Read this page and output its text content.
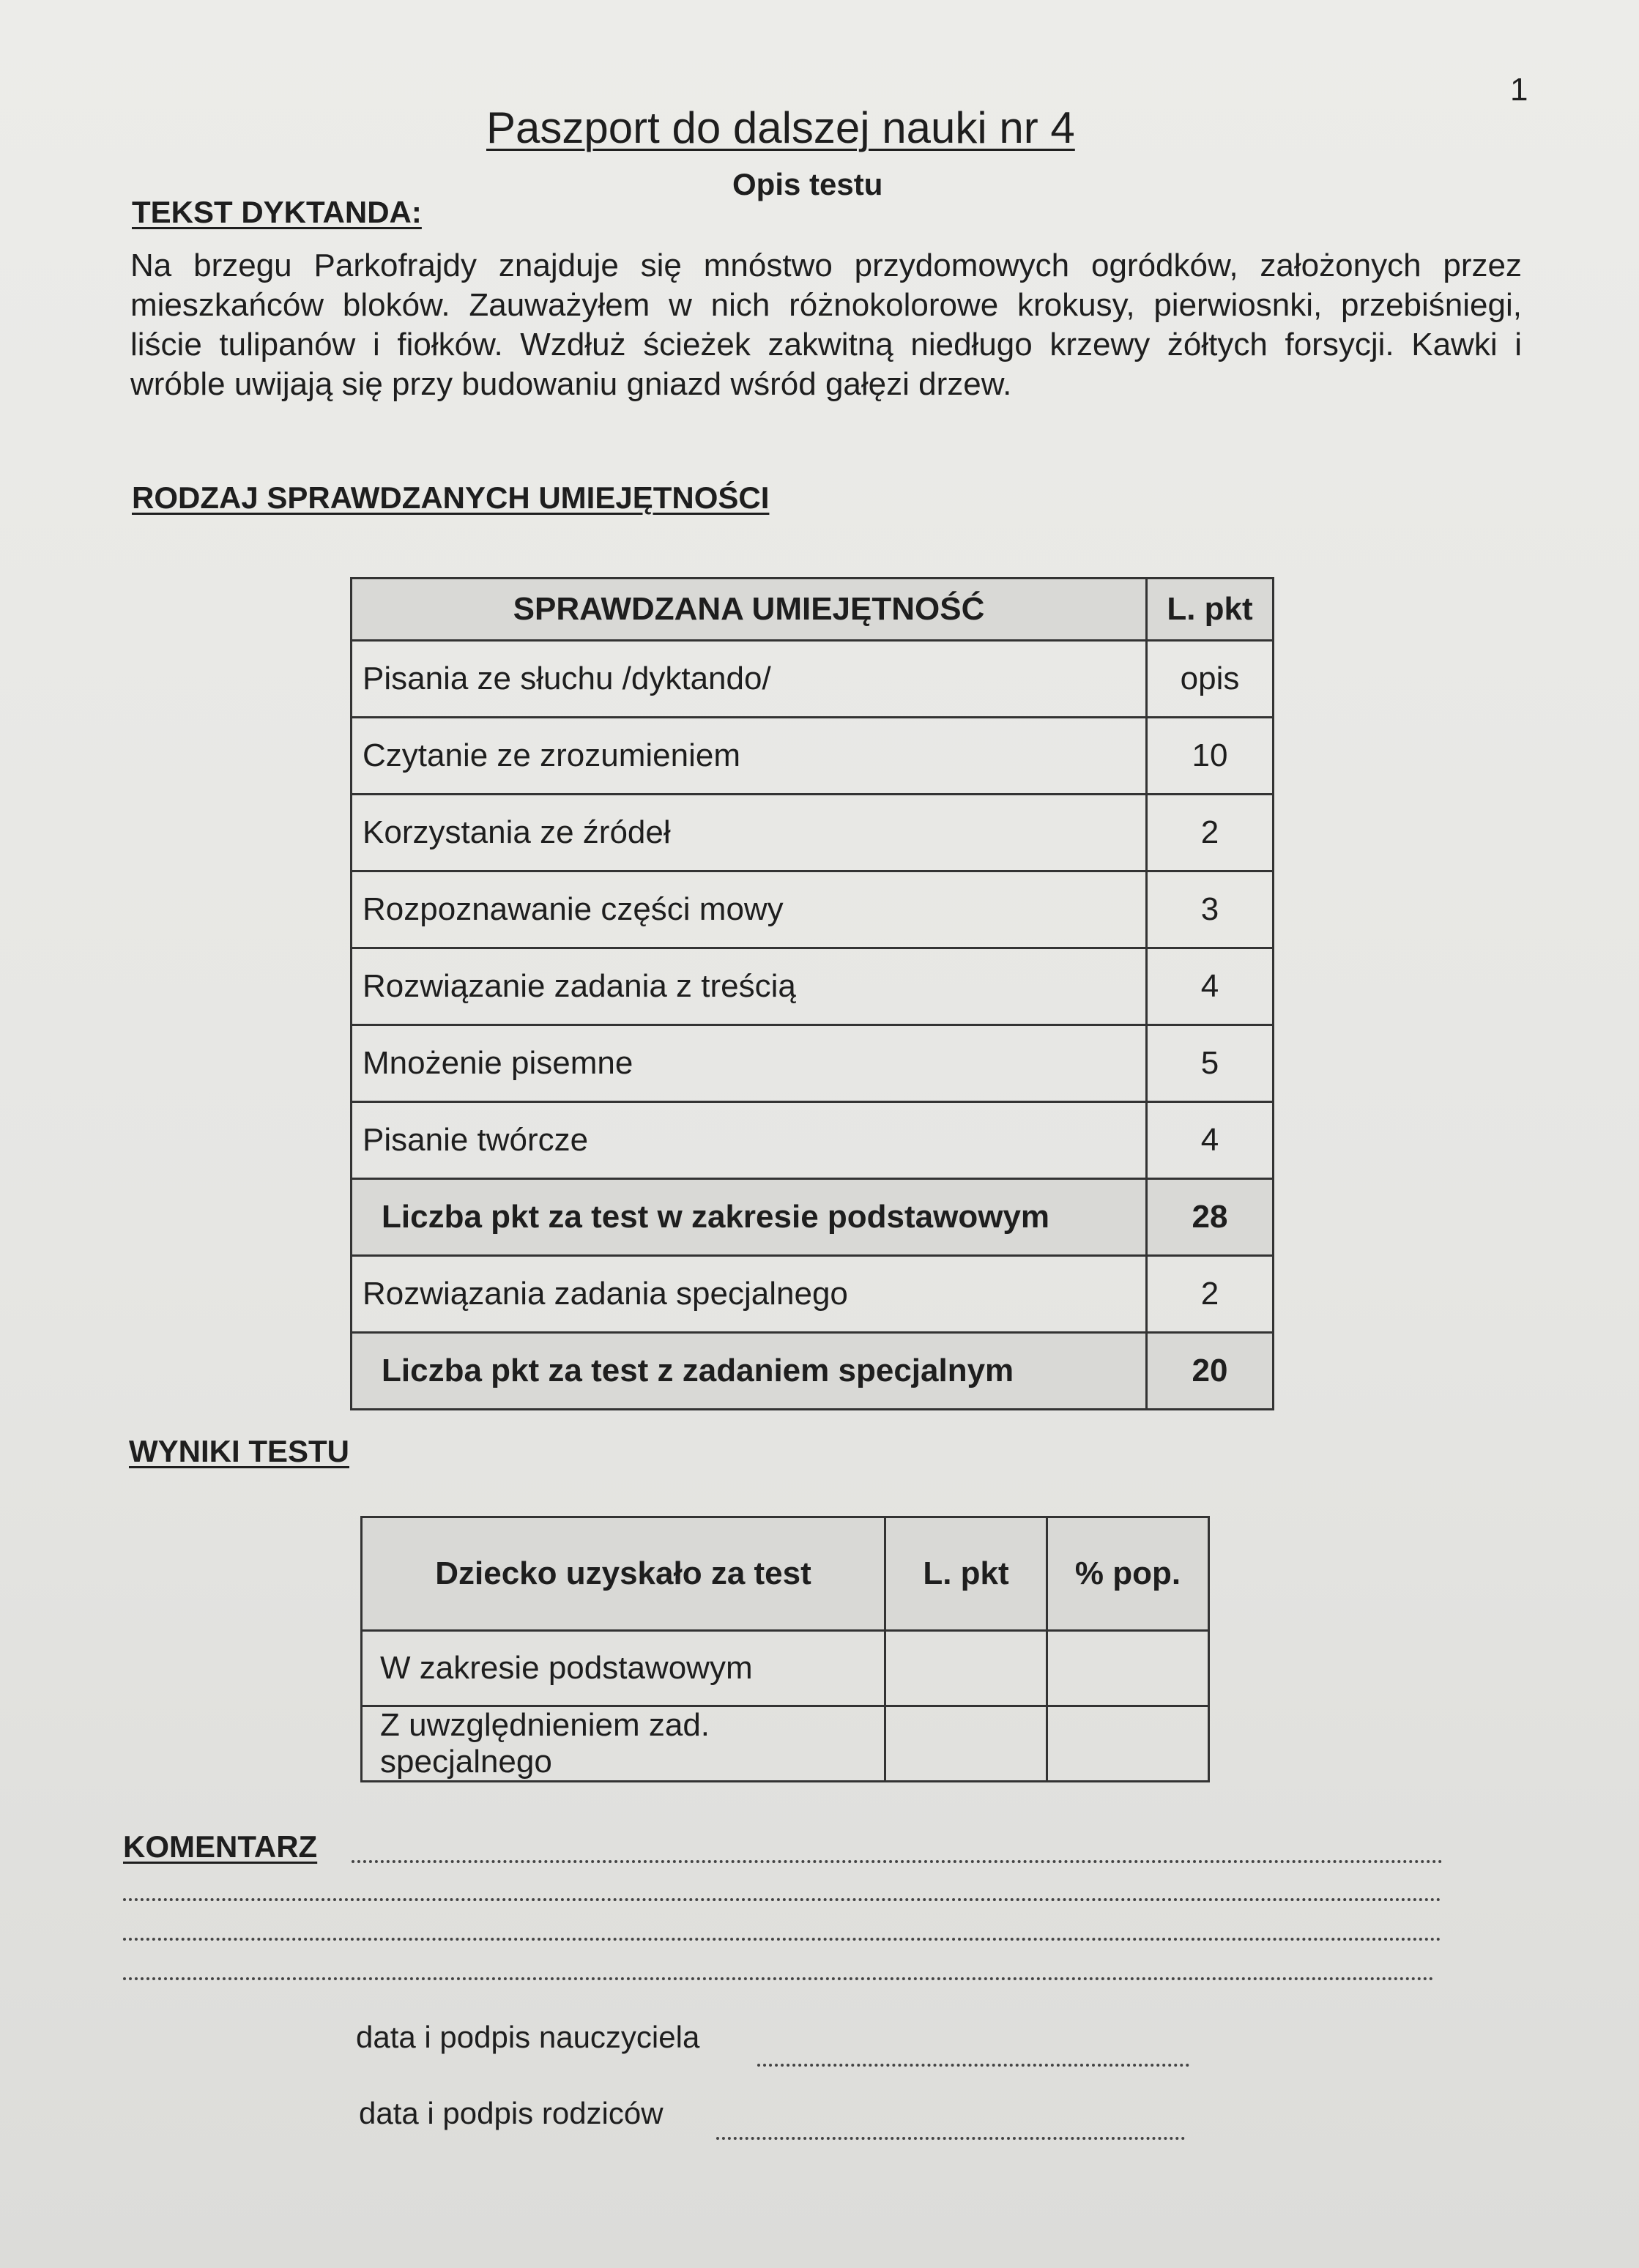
1
Paszport do dalszej nauki nr 4
Opis testu
TEKST DYKTANDA:
Na brzegu Parkofrajdy znajduje się mnóstwo przydomowych ogródków, założonych przez mieszkańców bloków. Zauważyłem w nich różnokolorowe krokusy, pierwiosnki, przebiśniegi, liście tulipanów i fiołków. Wzdłuż ścieżek zakwitną niedługo krzewy żółtych forsycji. Kawki i wróble uwijają się przy budowaniu gniazd wśród gałęzi drzew.
RODZAJ SPRAWDZANYCH UMIEJĘTNOŚCI
SPRAWDZANA UMIEJĘTNOŚĆ	L. pkt
Pisania ze słuchu /dyktando/	opis
Czytanie ze zrozumieniem	10
Korzystania ze źródeł	2
Rozpoznawanie części mowy	3
Rozwiązanie zadania z treścią	4
Mnożenie pisemne	5
Pisanie twórcze	4
Liczba pkt za test w zakresie podstawowym	28
Rozwiązania zadania specjalnego	2
Liczba pkt za test z zadaniem specjalnym	20
WYNIKI TESTU
Dziecko uzyskało za test	L. pkt	% pop.
W zakresie podstawowym		
Z uwzględnieniem zad. specjalnego		
KOMENTARZ
data i podpis nauczyciela
data i podpis rodziców
